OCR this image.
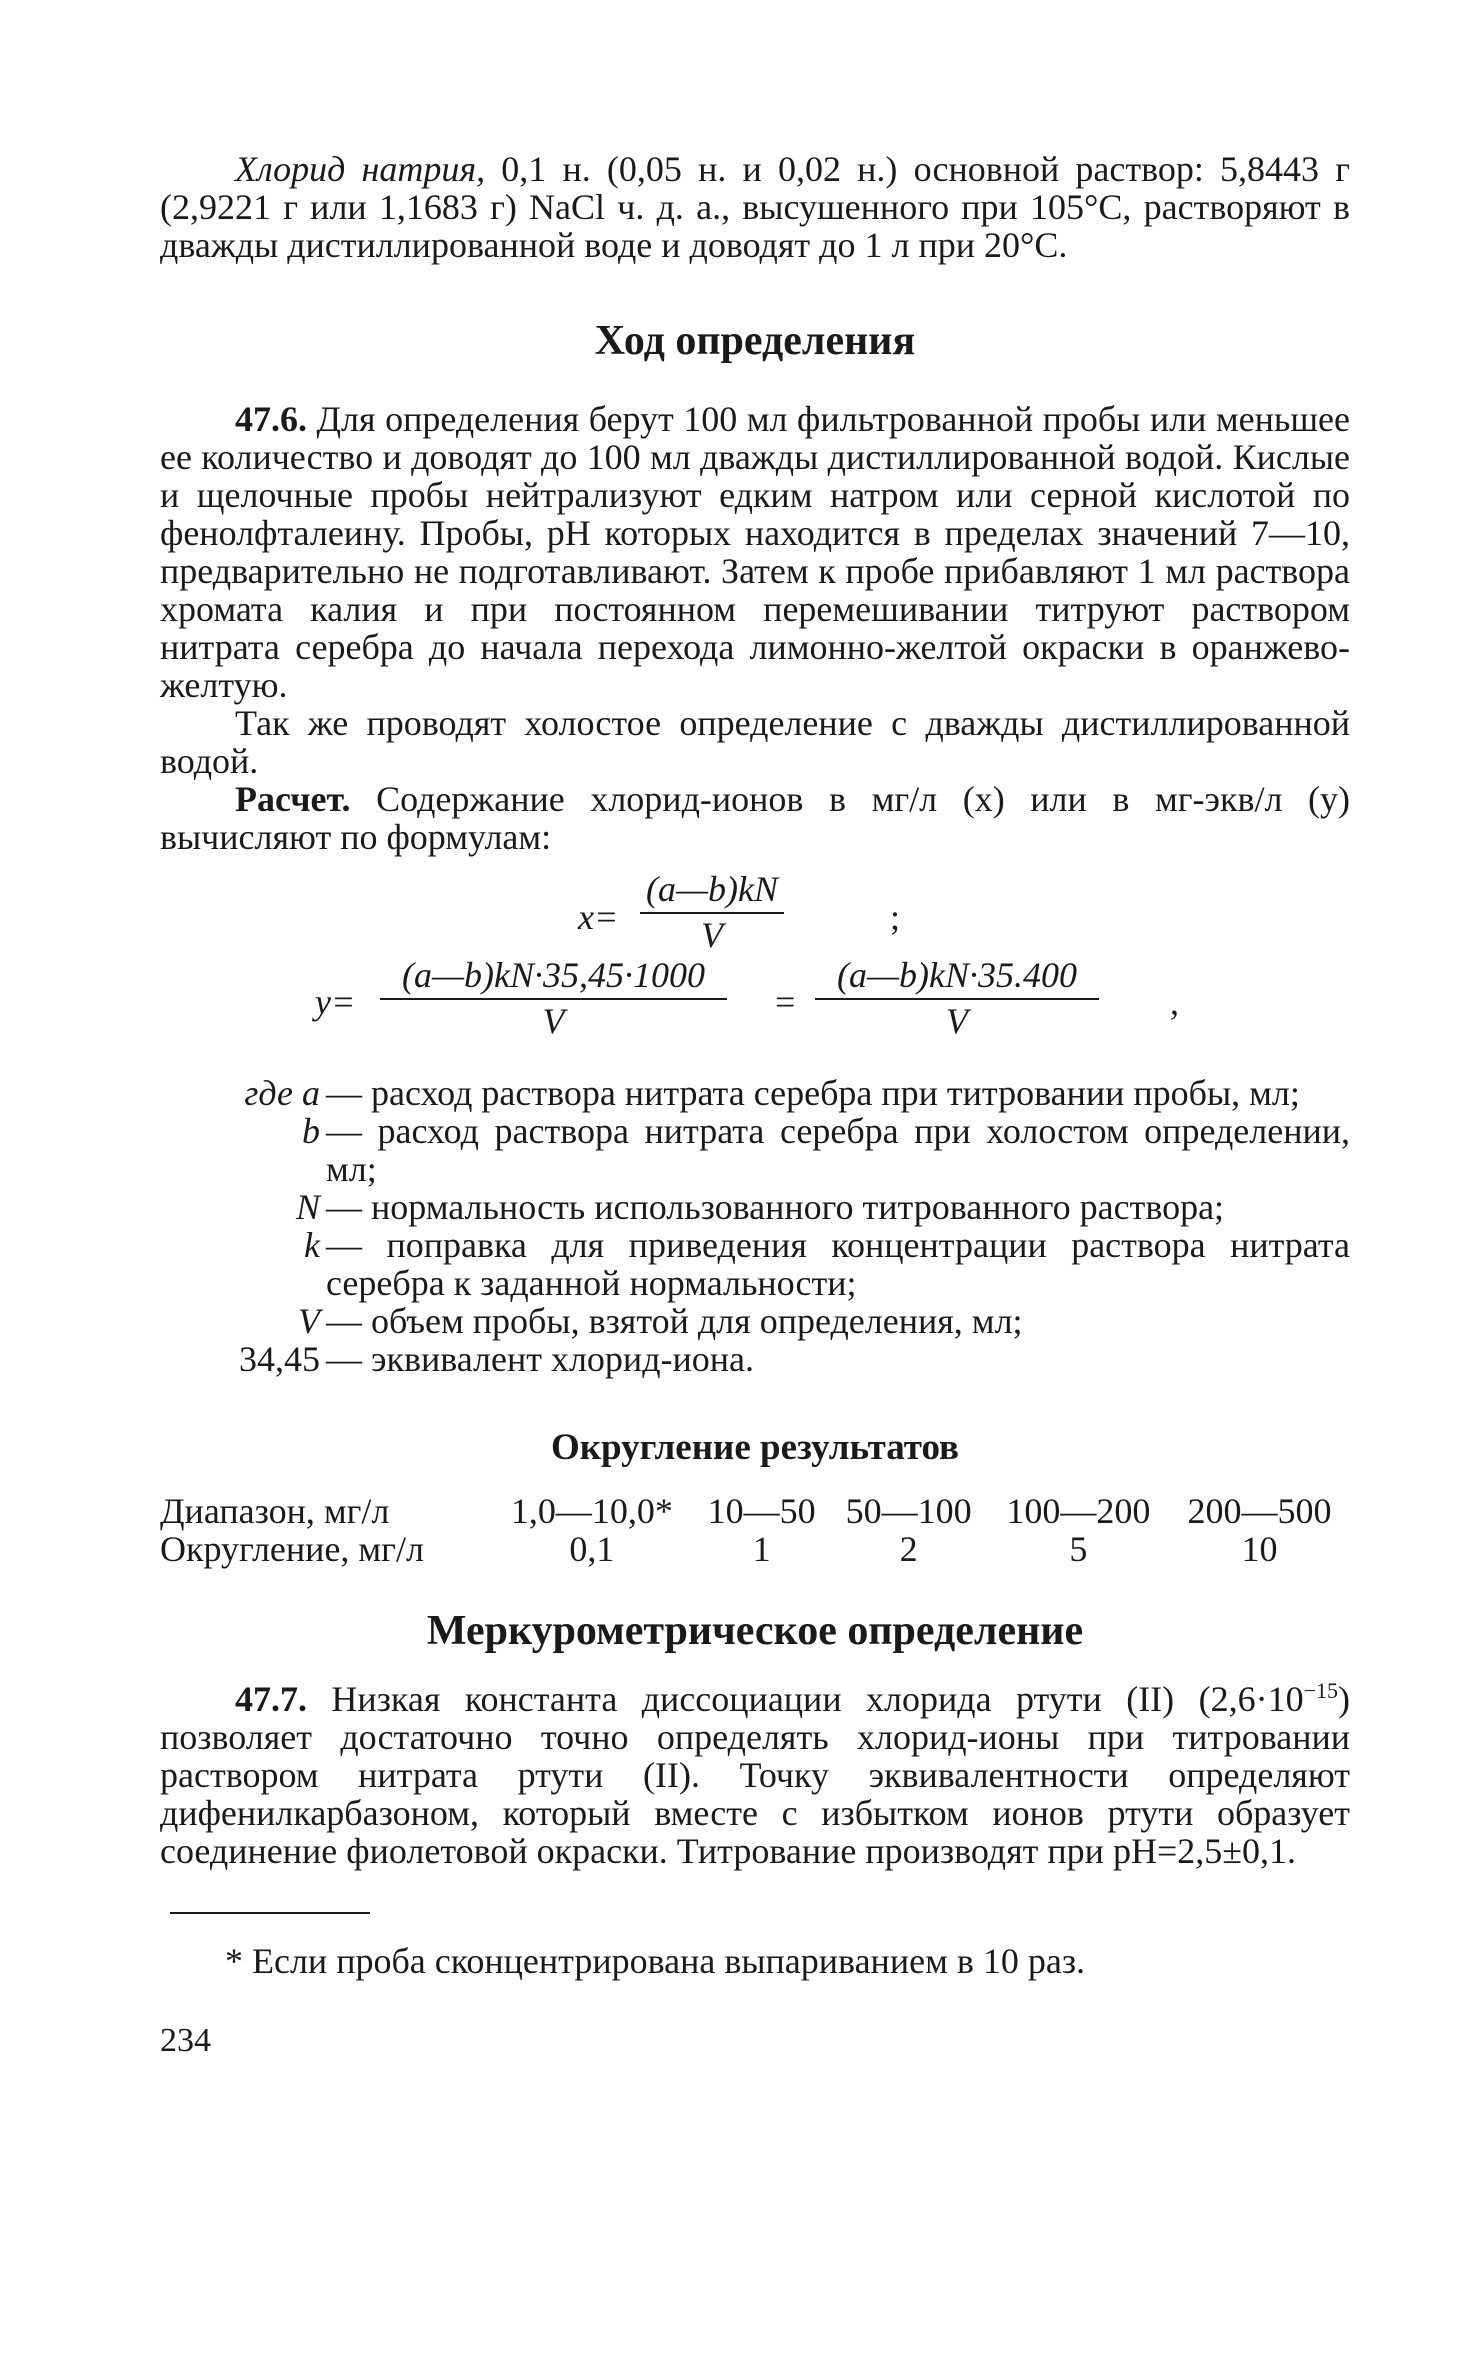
Хлорид натрия, 0,1 н. (0,05 н. и 0,02 н.) основной раствор: 5,8443 г (2,9221 г или 1,1683 г) NaCl ч. д. а., высушенного при 105°С, растворяют в дважды дистиллированной воде и доводят до 1 л при 20°С.

Ход определения

47.6. Для определения берут 100 мл фильтрованной пробы или меньшее ее количество и доводят до 100 мл дважды дистиллированной водой. Кислые и щелочные пробы нейтрализуют едким натром или серной кислотой по фенолфталеину. Пробы, pH которых находится в пределах значений 7—10, предварительно не подготавливают. Затем к пробе прибавляют 1 мл раствора хромата калия и при постоянном перемешивании титруют раствором нитрата серебра до начала перехода лимонно-желтой окраски в оранжево-желтую.

Так же проводят холостое определение с дважды дистиллированной водой.

Расчет. Содержание хлорид-ионов в мг/л (x) или в мг-экв/л (y) вычисляют по формулам:

$x= \frac{(a—b)kN}{V}$	;
$y= \frac{(a—b)kN\cdot 35,45\cdot 1000}{V} = \frac{(a—b)kN\cdot 35.400}{V}$ ,
где a — расход раствора нитрата серебра при титровании пробы, мл;
b — расход раствора нитрата серебра при холостом определении, мл;
N — нормальность использованного титрованного раствора;
k — поправка для приведения концентрации раствора нитрата серебра к заданной нормальности;
V — объем пробы, взятой для определения, мл;
34,45 — эквивалент хлорид-иона.
Округление результатов
Диапазон, мг/л	1,0—10,0*	10—50	50—100	100—200	200—500
Округление, мг/л	0,1	1	2	5	10
Меркурометрическое определение

47.7. Низкая константа диссоциации хлорида ртути (II) $(2,6\cdot 10^{-15})$ позволяет достаточно точно определять хлорид-ионы при титровании раствором нитрата ртути (II). Точку эквивалентности определяют дифенилкарбазоном, который вместе с избытком ионов ртути образует соединение фиолетовой окраски. Титрование производят при pH=2,5±0,1.

* Если проба сконцентрирована выпариванием в 10 раз.

234
